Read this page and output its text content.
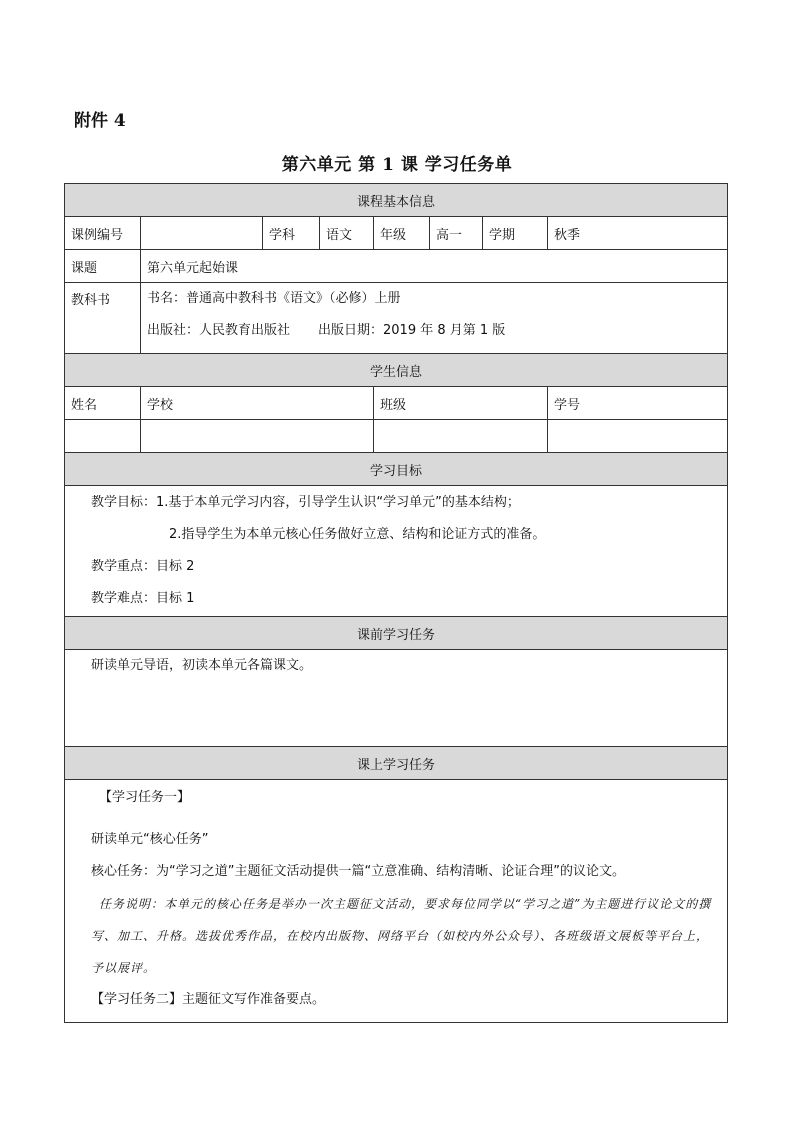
附件 4
第六单元 第 1 课 学习任务单
课程基本信息							
课例编号		学科	语文	年级	高一	学期	秋季
课题	第六单元起始课						
教科书	书名：普通高中教科书《语文》（必修）上册
出版社：人民教育出版社 出版日期：2019 年 8 月第 1 版						

学生信息							
姓名	学校			班级			学号

学习目标							

教学目标：1.基于本单元学习内容，引导学生认识“学习单元”的基本结构；
2.指导学生为本单元核心任务做好立意、结构和论证方式的准备。
教学重点：目标 2
教学难点：目标 1							

课前学习任务							

研读单元导语，初读本单元各篇课文。							

课上学习任务							

【学习任务一】
研读单元“核心任务”
核心任务：为“学习之道”主题征文活动提供一篇“立意准确、结构清晰、论证合理”的议论文。
任务说明：本单元的核心任务是举办一次主题征文活动，要求每位同学以“学习之道”为主题进行议论文的撰写、加工、升格。选拔优秀作品，在校内出版物、网络平台（如校内外公众号）、各班级语文展板等平台上，予以展评。
【学习任务二】主题征文写作准备要点。							
